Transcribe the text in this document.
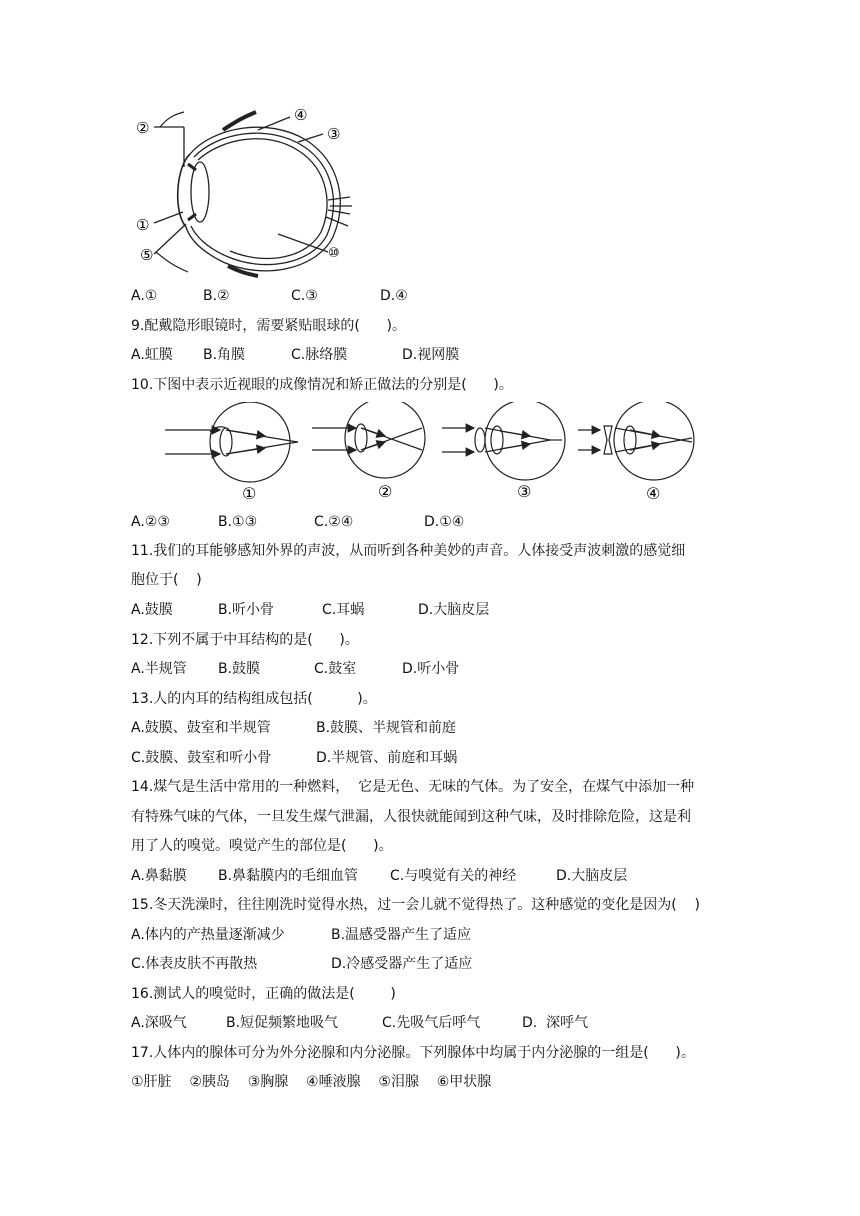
②
④
③
①
⑤	⑩
A.①	B.②	C.③	D.④
9.配戴隐形眼镜时，需要紧贴眼球的(      )。
A.虹膜 B.角膜	C.脉络膜	D.视网膜
10.下图中表示近视眼的成像情况和矫正做法的分别是(      )。
①	②	③	④
A.②③	B.①③	C.②④	D.①④
11.我们的耳能够感知外界的声波，从而听到各种美妙的声音。人体接受声波刺激的感觉细
胞位于(    )
A.鼓膜	B.听小骨	C.耳蜗	D.大脑皮层
12.下列不属于中耳结构的是(      )。
A.半规管 B.鼓膜	C.鼓室	D.听小骨
13.人的内耳的结构组成包括(          )。
A.鼓膜、鼓室和半规管	B.鼓膜、半规管和前庭
C.鼓膜、鼓室和听小骨	D.半规管、前庭和耳蜗
14.煤气是生活中常用的一种燃料，  它是无色、无味的气体。为了安全，在煤气中添加一种
有特殊气味的气体，一旦发生煤气泄漏，人很快就能闻到这种气味，及时排除危险，这是利
用了人的嗅觉。嗅觉产生的部位是(      )。
A.鼻黏膜 B.鼻黏膜内的毛细血管 C.与嗅觉有关的神经	D.大脑皮层
15.冬天洗澡时，往往刚洗时觉得水热，过一会儿就不觉得热了。这种感觉的变化是因为(    )
A.体内的产热量逐渐减少	B.温感受器产生了适应
C.体表皮肤不再散热	D.冷感受器产生了适应
16.测试人的嗅觉时，正确的做法是(        )
A.深吸气	B.短促频繁地吸气	C.先吸气后呼气	D.  深呼气
17.人体内的腺体可分为外分泌腺和内分泌腺。下列腺体中均属于内分泌腺的一组是(      )。
①肝脏    ②胰岛    ③胸腺    ④唾液腺    ⑤泪腺    ⑥甲状腺
